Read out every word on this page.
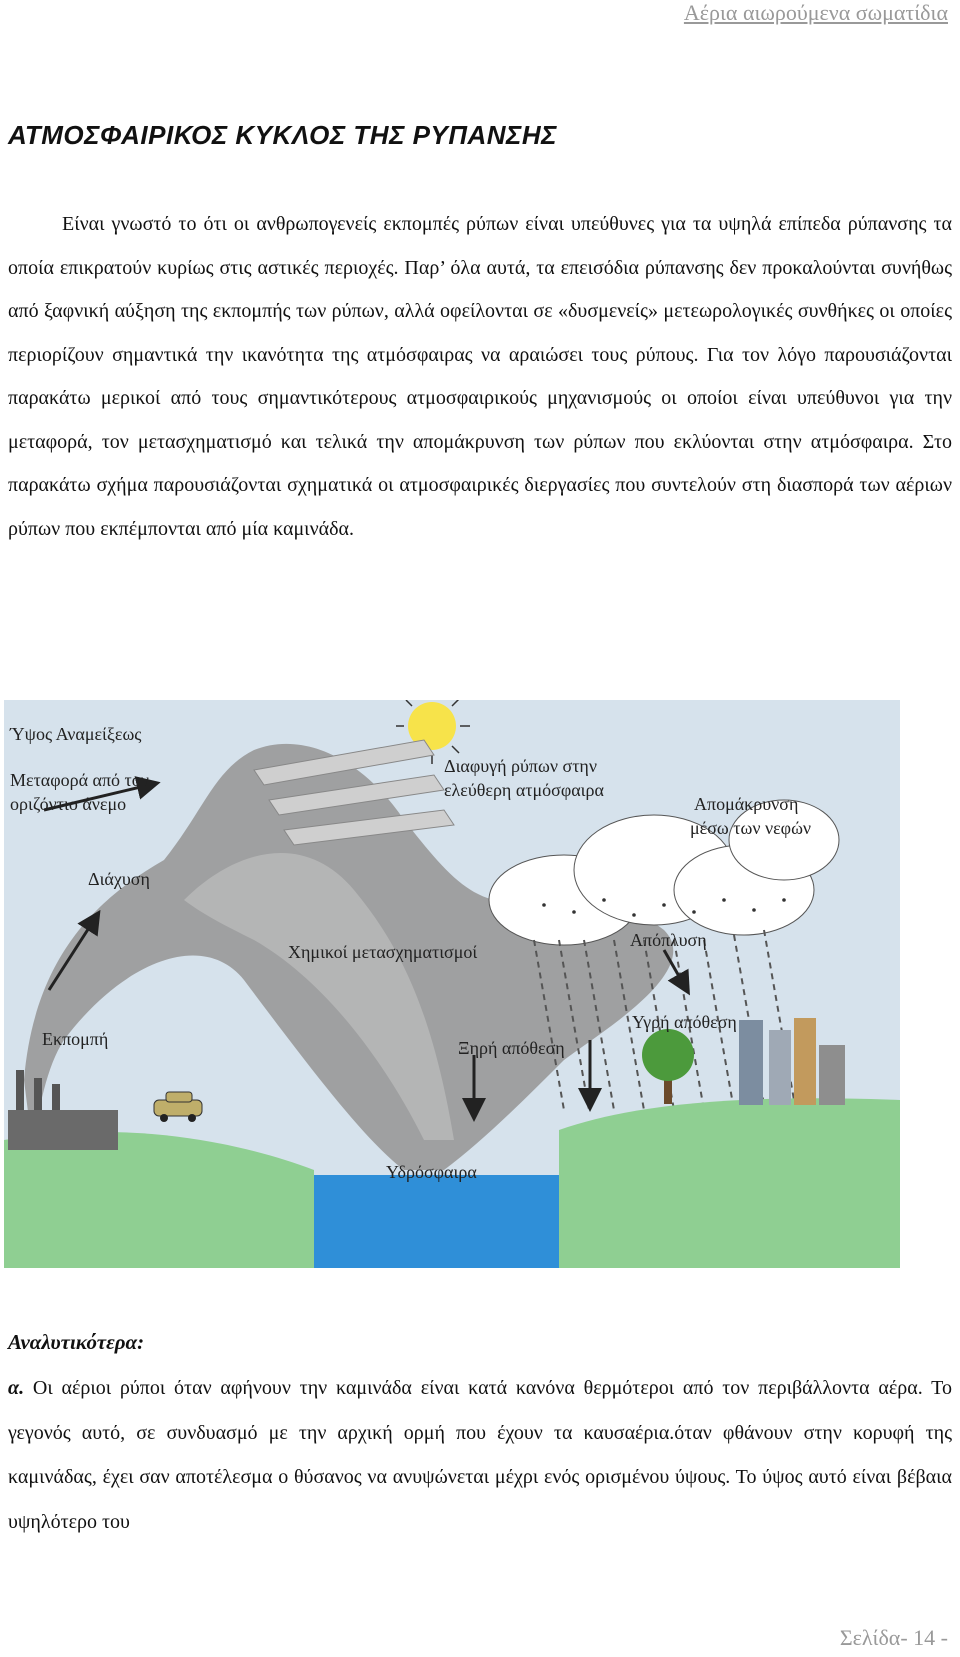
Αέρια αιωρούμενα σωματίδια
ΑΤΜΟΣΦΑΙΡΙΚΟΣ ΚΥΚΛΟΣ ΤΗΣ ΡΥΠΑΝΣΗΣ

Είναι γνωστό το ότι οι ανθρωπογενείς εκπομπές ρύπων είναι υπεύθυνες για τα υψηλά επίπεδα ρύπανσης τα οποία επικρατούν κυρίως στις αστικές περιοχές. Παρ’ όλα αυτά, τα επεισόδια ρύπανσης δεν προκαλούνται συνήθως από ξαφνική αύξηση της εκπομπής των ρύπων, αλλά οφείλονται σε «δυσμενείς» μετεωρολογικές συνθήκες οι οποίες περιορίζουν σημαντικά την ικανότητα της ατμόσφαιρας να αραιώσει τους ρύπους. Για τον λόγο παρουσιάζονται παρακάτω μερικοί από τους σημαντικότερους ατμοσφαιρικούς μηχανισμούς οι οποίοι είναι υπεύθυνοι για την μεταφορά, τον μετασχηματισμό και τελικά την απομάκρυνση των ρύπων που εκλύονται στην ατμόσφαιρα. Στο παρακάτω σχήμα παρουσιάζονται σχηματικά οι ατμοσφαιρικές διεργασίες που συντελούν στη διασπορά των αέριων ρύπων που εκπέμπονται από μία καμινάδα.

Ύψος Αναμείξεως
Μεταφορά από τον
οριζόντιο άνεμο
Διάχυση
Εκπομπή
Διαφυγή ρύπων στην
ελεύθερη ατμόσφαιρα
Απομάκρυνση
μέσω των νεφών
Χημικοί μετασχηματισμοί
Απόπλυση
Υγρή απόθεση
Ξηρή απόθεση
Υδρόσφαιρα
Αναλυτικότερα:

α. Οι αέριοι ρύποι όταν αφήνουν την καμινάδα είναι κατά κανόνα θερμότεροι από τον περιβάλλοντα αέρα. Το γεγονός αυτό, σε συνδυασμό με την αρχική ορμή που έχουν τα καυσαέρια.όταν φθάνουν στην κορυφή της καμινάδας, έχει σαν αποτέλεσμα ο θύσανος να ανυψώνεται μέχρι ενός ορισμένου ύψους. Το ύψος αυτό είναι βέβαια υψηλότερο του

Σελίδα- 14 -
